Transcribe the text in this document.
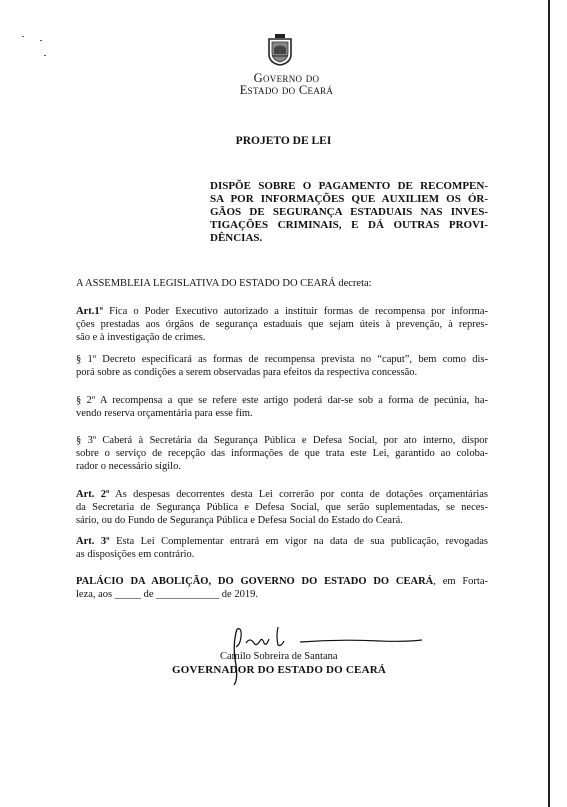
Governo do
Estado do Ceará
PROJETO DE LEI
DISPÕE SOBRE O PAGAMENTO DE RECOMPEN-
SA POR INFORMAÇÕES QUE AUXILIEM OS ÓR-
GÃOS DE SEGURANÇA ESTADUAIS NAS INVES-
TIGAÇÕES CRIMINAIS, E DÁ OUTRAS PROVI-
DÊNCIAS.
A ASSEMBLEIA LEGISLATIVA DO ESTADO DO CEARÁ decreta:
Art.1º Fica o Poder Executivo autorizado a instituir formas de recompensa por informa-
ções prestadas aos órgãos de segurança estaduais que sejam úteis à prevenção, à repres-
são e à investigação de crimes.
§ 1º Decreto especificará as formas de recompensa prevista no “caput”, bem como dis-
porá sobre as condições a serem observadas para efeitos da respectiva concessão.
§ 2º A recompensa a que se refere este artigo poderá dar-se sob a forma de pecúnia, ha-
vendo reserva orçamentária para esse fim.
§ 3º Caberá à Secretária da Segurança Pública e Defesa Social, por ato interno, dispor
sobre o serviço de recepção das informações de que trata este Lei, garantido ao coloba-
rador o necessário sigilo.
Art. 2º As despesas decorrentes desta Lei correrão por conta de dotações orçamentárias
da Secretaria de Segurança Pública e Defesa Social, que serão suplementadas, se neces-
sário, ou do Fundo de Segurança Pública e Defesa Social do Estado do Ceará.
Art. 3º Esta Lei Complementar entrará em vigor na data de sua publicação, revogadas
as disposições em contrário.
PALÁCIO DA ABOLIÇÃO, DO GOVERNO DO ESTADO DO CEARÁ, em Forta-
leza, aos _____ de ____________ de 2019.
Camilo Sobreira de Santana
GOVERNADOR DO ESTADO DO CEARÁ
